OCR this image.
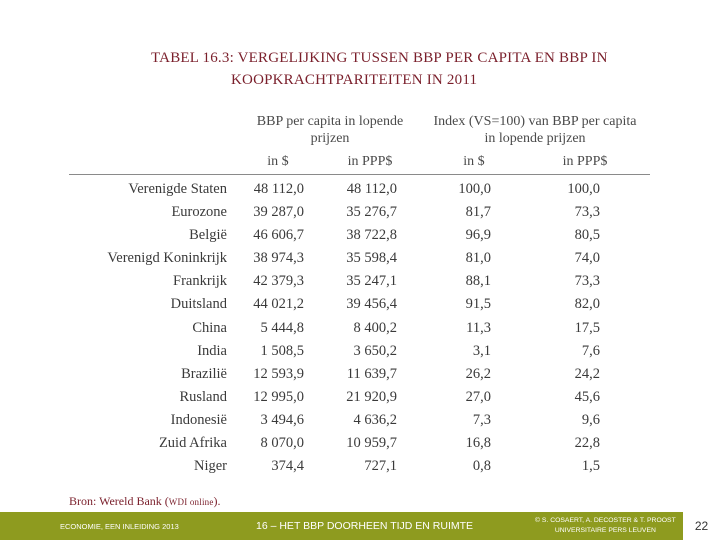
TABEL 16.3: VERGELIJKING TUSSEN BBP PER CAPITA EN BBP IN
KOOPKRACHTPARITEITEN IN 2011
BBP per capita in lopende
prijzen
Index (VS=100) van BBP per capita
in lopende prijzen
in $	in PPP$	in $	in PPP$
Verenigde Staten 48 112,0	48 112,0	100,0	100,0
Eurozone 39 287,0	35 276,7	81,7	73,3
België 46 606,7	38 722,8	96,9	80,5
Verenigd Koninkrijk 38 974,3	35 598,4	81,0	74,0
Frankrijk 42 379,3	35 247,1	88,1	73,3
Duitsland 44 021,2	39 456,4	91,5	82,0
China 5 444,8	8 400,2	11,3	17,5
India 1 508,5	3 650,2	3,1	7,6
Brazilië 12 593,9	11 639,7	26,2	24,2
Rusland 12 995,0	21 920,9	27,0	45,6
Indonesië 3 494,6	4 636,2	7,3	9,6
Zuid Afrika 8 070,0	10 959,7	16,8	22,8
Niger	374,4	727,1	0,8	1,5
Bron: Wereld Bank (WDI online).
ECONOMIE, EEN INLEIDING 2013	16 – HET BBP DOORHEEN TIJD EN RUIMTE	© S. COSAERT, A. DECOSTER & T. PROOST
UNIVERSITAIRE PERS LEUVEN	22
